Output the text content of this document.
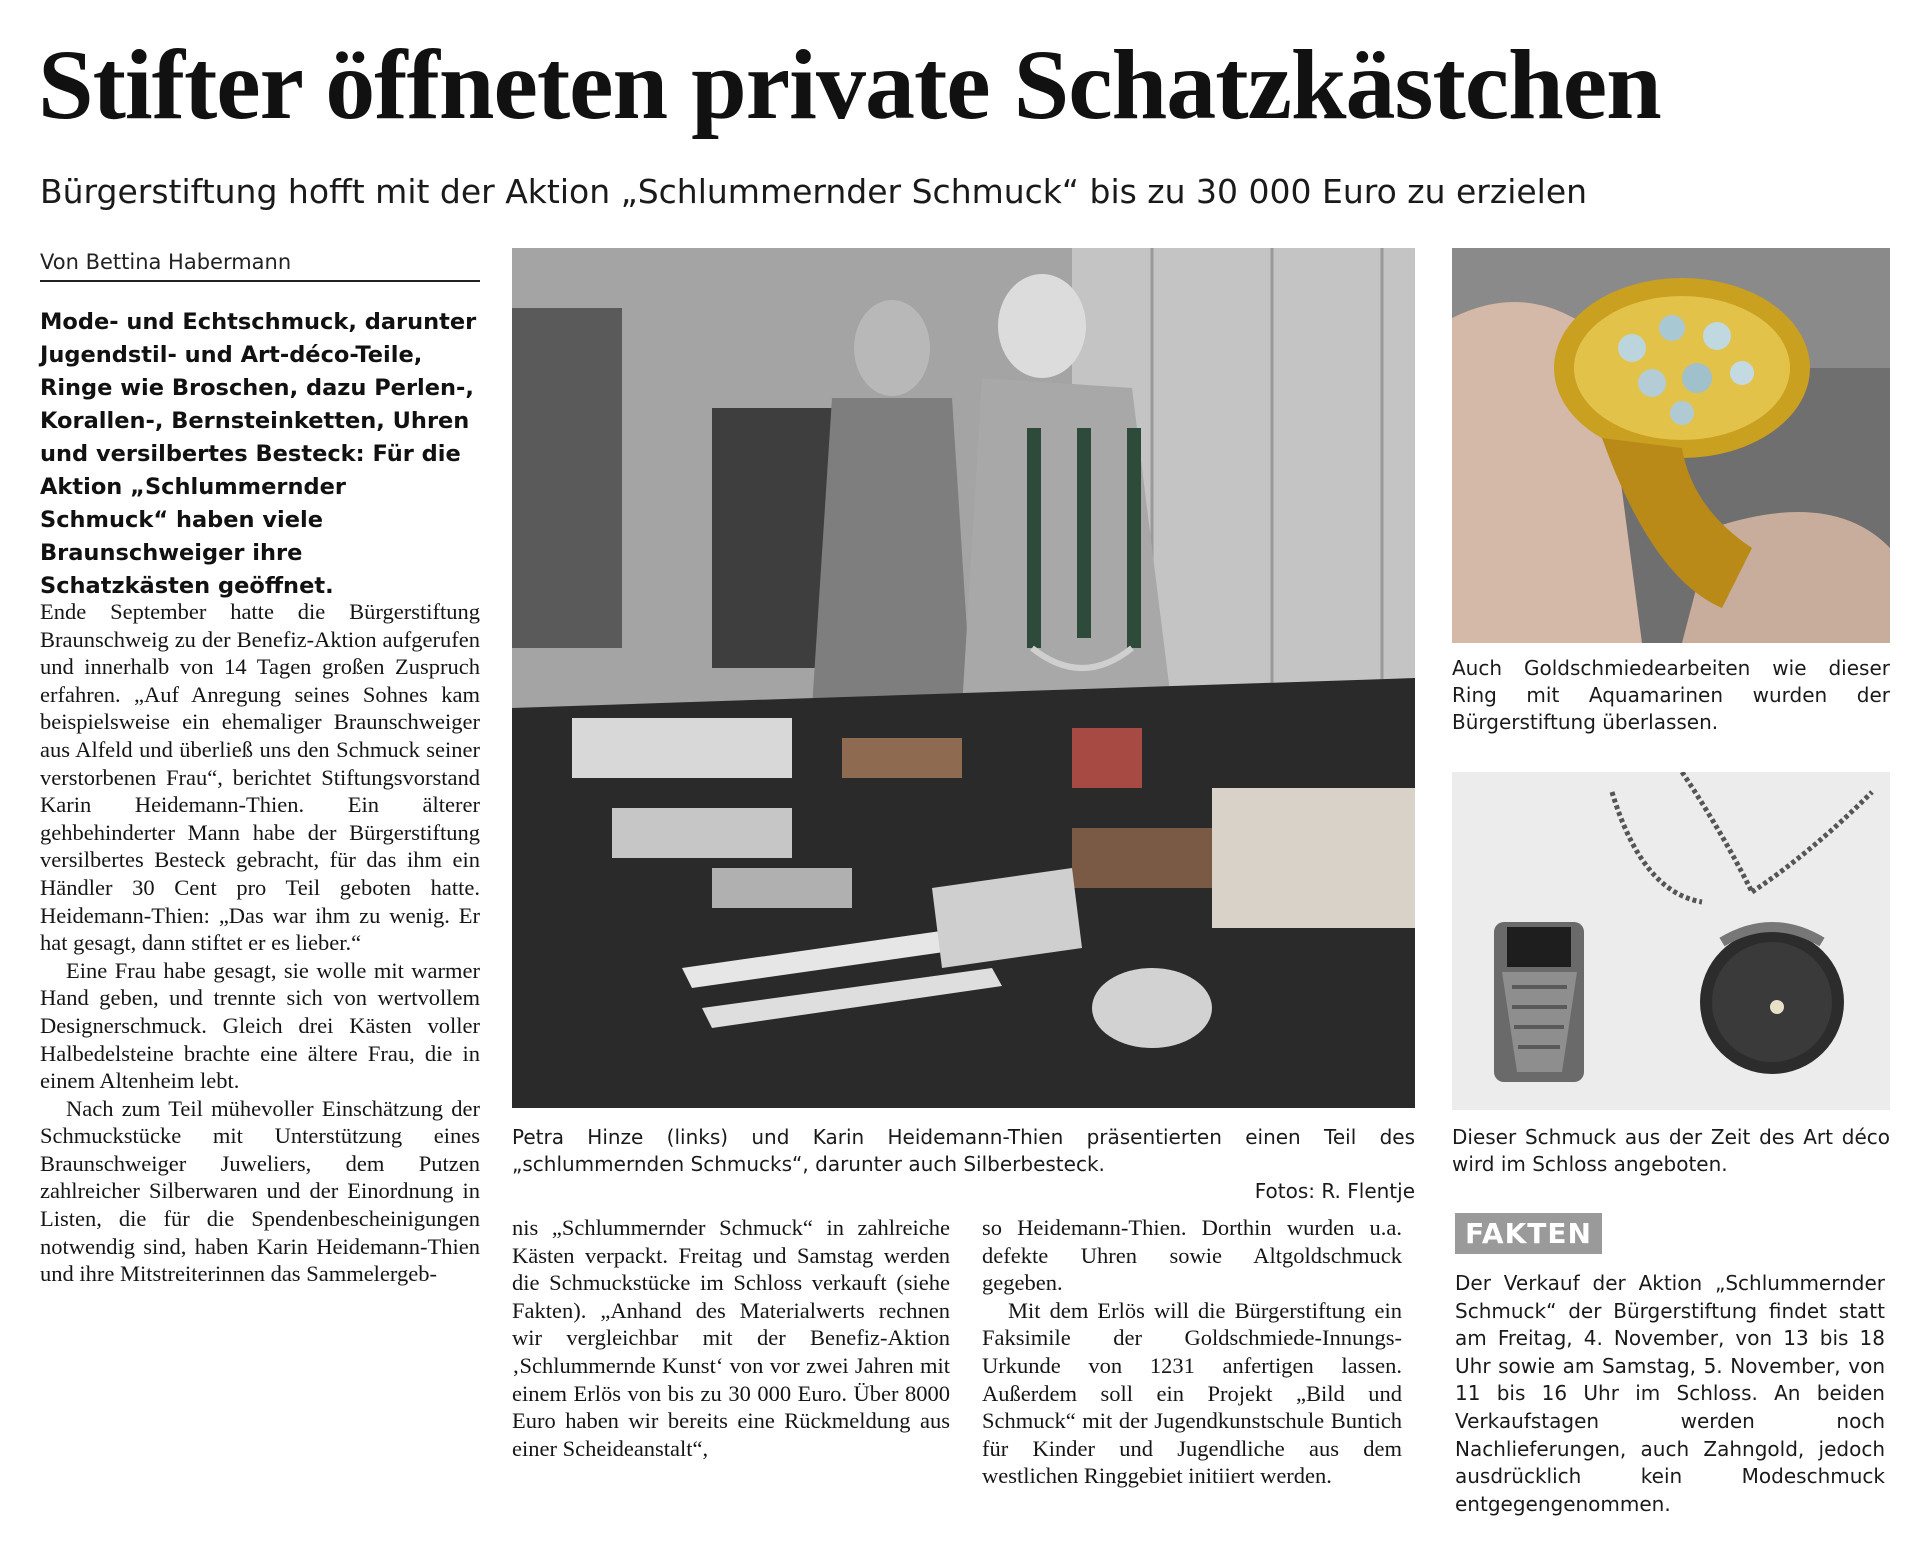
Stifter öffneten private Schatzkästchen
Bürgerstiftung hofft mit der Aktion „Schlummernder Schmuck“ bis zu 30 000 Euro zu erzielen
Von Bettina Habermann
Mode- und Echtschmuck, darunter Jugendstil- und Art-déco-Teile, Ringe wie Broschen, dazu Perlen-, Korallen-, Bernsteinketten, Uhren und versilbertes Besteck: Für die Aktion „Schlummernder Schmuck“ haben viele Braunschweiger ihre Schatzkästen geöffnet.

Ende September hatte die Bürgerstiftung Braunschweig zu der Benefiz-Aktion aufgerufen und innerhalb von 14 Tagen großen Zuspruch erfahren. „Auf Anregung seines Sohnes kam beispielsweise ein ehemaliger Braunschweiger aus Alfeld und überließ uns den Schmuck seiner verstorbenen Frau“, berichtet Stiftungsvorstand Karin Heidemann-Thien. Ein älterer gehbehinderter Mann habe der Bürgerstiftung versilbertes Besteck gebracht, für das ihm ein Händler 30 Cent pro Teil geboten hatte. Heidemann-Thien: „Das war ihm zu wenig. Er hat gesagt, dann stiftet er es lieber.“

Eine Frau habe gesagt, sie wolle mit warmer Hand geben, und trennte sich von wertvollem Designerschmuck. Gleich drei Kästen voller Halbedelsteine brachte eine ältere Frau, die in einem Altenheim lebt.

Nach zum Teil mühevoller Einschätzung der Schmuckstücke mit Unterstützung eines Braunschweiger Juweliers, dem Putzen zahlreicher Silberwaren und der Einordnung in Listen, die für die Spendenbescheinigungen notwendig sind, haben Karin Heidemann-Thien und ihre Mitstreiterinnen das Sammelergeb-

Petra Hinze (links) und Karin Heidemann-Thien präsentierten einen Teil des „schlummernden Schmucks“, darunter auch Silberbesteck.
Fotos: R. Flentje
Auch Goldschmiedearbeiten wie dieser Ring mit Aquamarinen wurden der Bürgerstiftung überlassen.
Dieser Schmuck aus der Zeit des Art déco wird im Schloss angeboten.

nis „Schlummernder Schmuck“ in zahlreiche Kästen verpackt. Freitag und Samstag werden die Schmuckstücke im Schloss verkauft (siehe Fakten). „Anhand des Materialwerts rechnen wir vergleichbar mit der Benefiz-Aktion ‚Schlummernde Kunst‘ von vor zwei Jahren mit einem Erlös von bis zu 30 000 Euro. Über 8000 Euro haben wir bereits eine Rückmeldung aus einer Scheideanstalt“,

so Heidemann-Thien. Dorthin wurden u.a. defekte Uhren sowie Altgoldschmuck gegeben.

Mit dem Erlös will die Bürgerstiftung ein Faksimile der Goldschmiede-Innungs-Urkunde von 1231 anfertigen lassen. Außerdem soll ein Projekt „Bild und Schmuck“ mit der Jugendkunstschule Buntich für Kinder und Jugendliche aus dem westlichen Ringgebiet initiiert werden.

FAKTEN
Der Verkauf der Aktion „Schlummernder Schmuck“ der Bürgerstiftung findet statt am Freitag, 4. November, von 13 bis 18 Uhr sowie am Samstag, 5. November, von 11 bis 16 Uhr im Schloss. An beiden Verkaufstagen werden noch Nachlieferungen, auch Zahngold, jedoch ausdrücklich kein Modeschmuck entgegengenommen.
